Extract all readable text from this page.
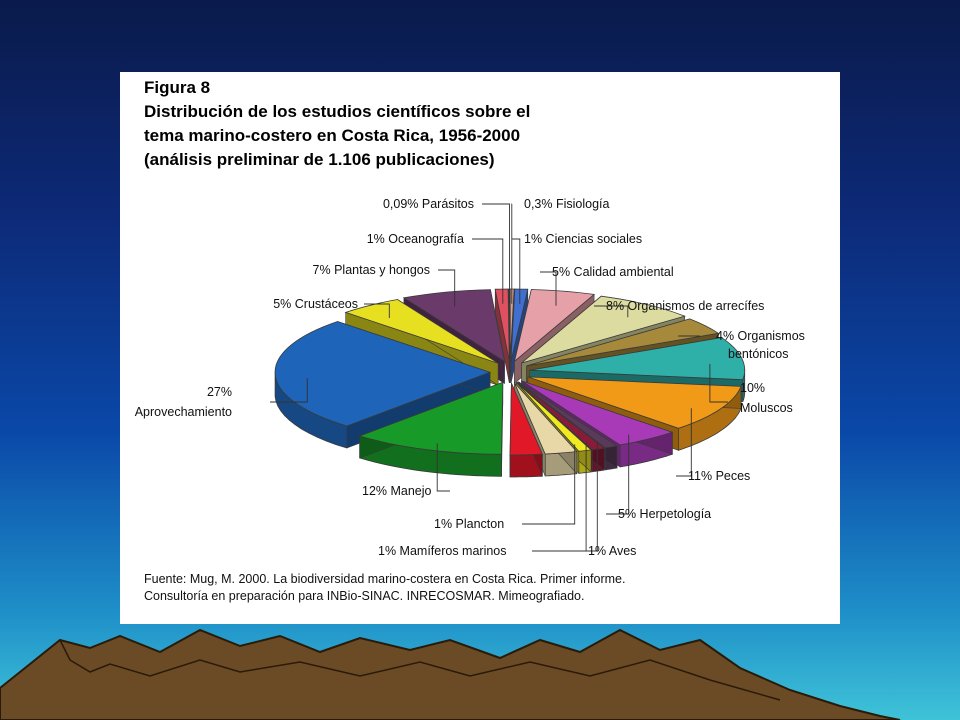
Figura 8
Distribución de los estudios científicos sobre el
tema marino-costero en Costa Rica, 1956-2000
(análisis preliminar de 1.106 publicaciones)
0,3% Fisiología
1% Ciencias sociales
5% Calidad ambiental
8% Organismos de arrecífes
4% Organismos
bentónicos
10%
Moluscos
11% Peces
5% Herpetología
1% Aves
1% Mamíferos marinos
1% Plancton
12% Manejo
27%
Aprovechamiento
5% Crustáceos
7% Plantas y hongos
1% Oceanografía
0,09% Parásitos
Fuente: Mug, M. 2000. La biodiversidad marino-costera en Costa Rica. Primer informe.
Consultoría en preparación para INBio-SINAC. INRECOSMAR. Mimeografiado.
